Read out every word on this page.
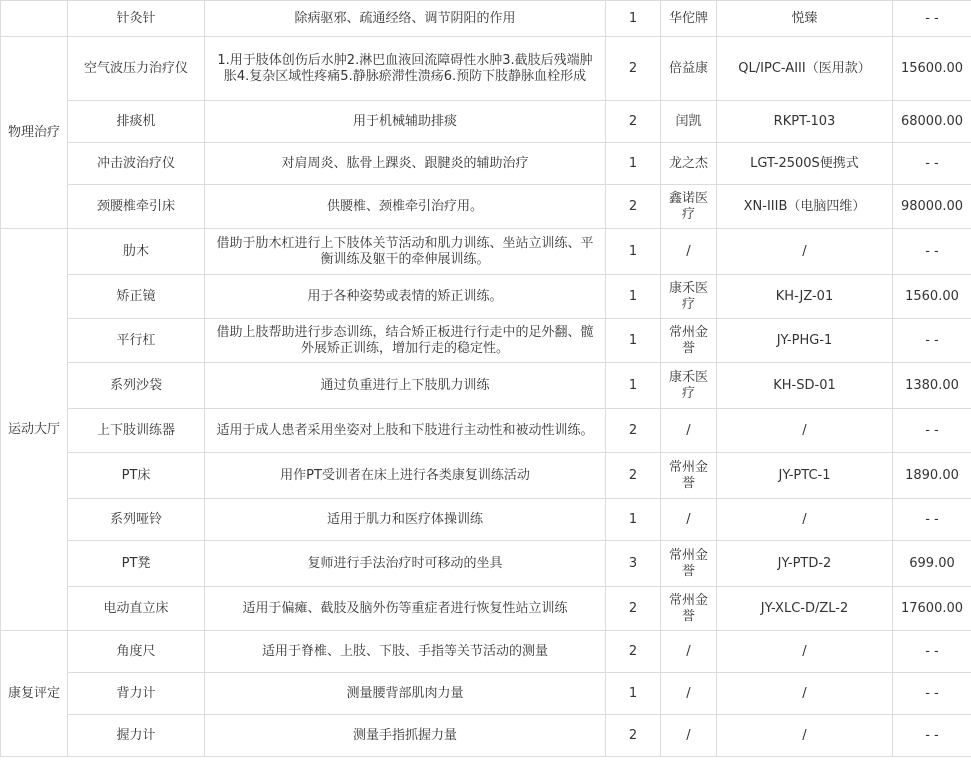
	针灸针	除病驱邪、疏通经络、调节阴阳的作用	1	华佗牌	悦臻	- -
物理治疗	空气波压力治疗仪	1.用于肢体创伤后水肿2.淋巴血液回流障碍性水肿3.截肢后残端肿胀4.复杂区域性疼痛5.静脉瘀滞性溃疡6.预防下肢静脉血栓形成	2	倍益康	QL/IPC-AIII（医用款）	15600.00
	排痰机	用于机械辅助排痰	2	闰凯	RKPT-103	68000.00
	冲击波治疗仪	对肩周炎、肱骨上踝炎、跟腱炎的辅助治疗	1	龙之杰	LGT-2500S便携式	- -
	颈腰椎牵引床	供腰椎、颈椎牵引治疗用。	2	鑫诺医疗	XN-IIIB（电脑四维）	98000.00
运动大厅	肋木	借助于肋木杠进行上下肢体关节活动和肌力训练、坐站立训练、平衡训练及躯干的牵伸展训练。	1	/	/	- -
	矫正镜	用于各种姿势或表情的矫正训练。	1	康禾医疗	KH-JZ-01	1560.00
	平行杠	借助上肢帮助进行步态训练，结合矫正板进行行走中的足外翻、髋外展矫正训练，增加行走的稳定性。	1	常州金誉	JY-PHG-1	- -
	系列沙袋	通过负重进行上下肢肌力训练	1	康禾医疗	KH-SD-01	1380.00
	上下肢训练器	适用于成人患者采用坐姿对上肢和下肢进行主动性和被动性训练。	2	/	/	- -
	PT床	用作PT受训者在床上进行各类康复训练活动	2	常州金誉	JY-PTC-1	1890.00
	系列哑铃	适用于肌力和医疗体操训练	1	/	/	- -
	PT凳	复师进行手法治疗时可移动的坐具	3	常州金誉	JY-PTD-2	699.00
	电动直立床	适用于偏瘫、截肢及脑外伤等重症者进行恢复性站立训练	2	常州金誉	JY-XLC-D/ZL-2	17600.00
康复评定	角度尺	适用于脊椎、上肢、下肢、手指等关节活动的测量	2	/	/	- -
	背力计	测量腰背部肌肉力量	1	/	/	- -
	握力计	测量手指抓握力量	2	/	/	- -
